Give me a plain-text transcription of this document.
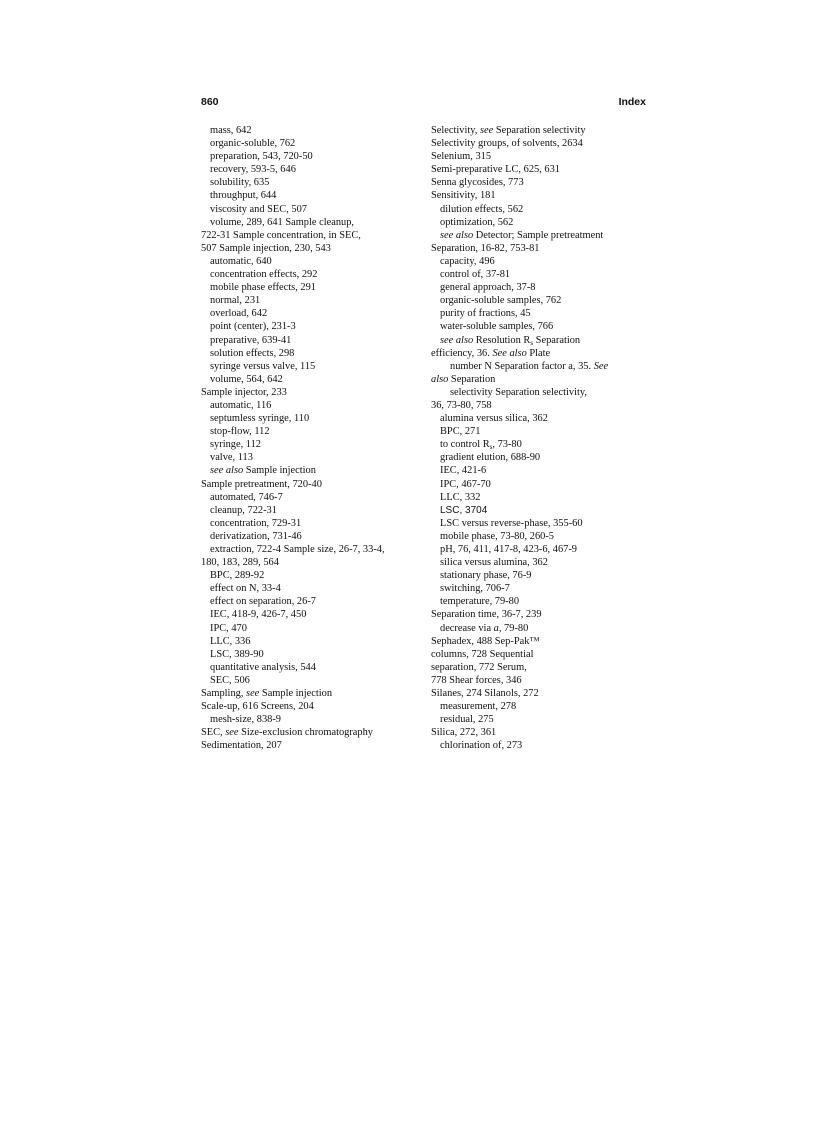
860	Index
mass, 642
organic-soluble, 762
preparation, 543, 720-50
recovery, 593-5, 646
solubility, 635
throughput, 644
viscosity and SEC, 507
volume, 289, 641 Sample cleanup,
722-31 Sample concentration, in SEC,
507 Sample injection, 230, 543
automatic, 640
concentration effects, 292
mobile phase effects, 291
normal, 231
overload, 642
point (center), 231-3
preparative, 639-41
solution effects, 298
syringe versus valve, 115
volume, 564, 642
Sample injector, 233
automatic, 116
septumless syringe, 110
stop-flow, 112
syringe, 112
valve, 113
see also Sample injection
Sample pretreatment, 720-40
automated, 746-7
cleanup, 722-31
concentration, 729-31
derivatization, 731-46
extraction, 722-4 Sample size, 26-7, 33-4,
180, 183, 289, 564
BPC, 289-92
effect on N, 33-4
effect on separation, 26-7
IEC, 418-9, 426-7, 450
IPC, 470
LLC, 336
LSC, 389-90
quantitative analysis, 544
SEC, 506
Sampling, see Sample injection
Scale-up, 616 Screens, 204
mesh-size, 838-9
SEC, see Size-exclusion chromatography
Sedimentation, 207
Selectivity, see Separation selectivity
Selectivity groups, of solvents, 2634
Selenium, 315
Semi-preparative LC, 625, 631
Senna glycosides, 773
Sensitivity, 181
dilution effects, 562
optimization, 562
see also Detector; Sample pretreatment
Separation, 16-82, 753-81
capacity, 496
control of, 37-81
general approach, 37-8
organic-soluble samples, 762
purity of fractions, 45
water-soluble samples, 766
see also Resolution $R_s$ Separation
efficiency, 36. See also Plate
number N Separation factor a, 35. See
also Separation
selectivity Separation selectivity,
36, 73-80, 758
alumina versus silica, 362
BPC, 271
to control $R_s$, 73-80
gradient elution, 688-90
IEC, 421-6
IPC, 467-70
LLC, 332
LSC, 3704
LSC versus reverse-phase, 355-60
mobile phase, 73-80, 260-5
pH, 76, 411, 417-8, 423-6, 467-9
silica versus alumina, 362
stationary phase, 76-9
switching, 706-7
temperature, 79-80
Separation time, 36-7, 239
decrease via a, 79-80
Sephadex, 488 Sep-Pak™
columns, 728 Sequential
separation, 772 Serum,
778 Shear forces, 346
Silanes, 274 Silanols, 272
measurement, 278
residual, 275
Silica, 272, 361
chlorination of, 273
